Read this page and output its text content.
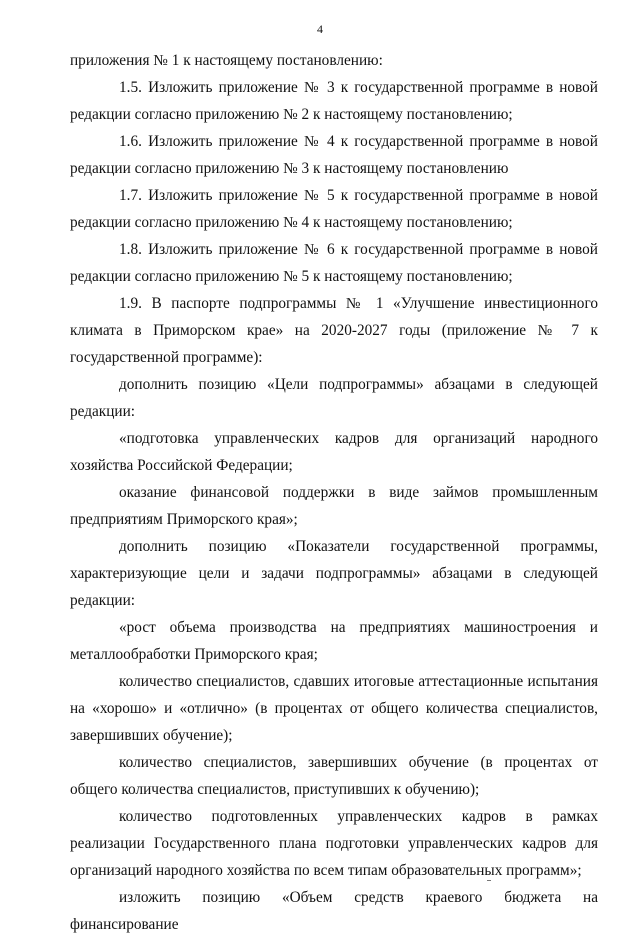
4

приложения № 1 к настоящему постановлению:

1.5. Изложить приложение № 3 к государственной программе в новой редакции согласно приложению № 2 к настоящему постановлению;

1.6. Изложить приложение № 4 к государственной программе в новой редакции согласно приложению № 3 к настоящему постановлению

1.7. Изложить приложение № 5 к государственной программе в новой редакции согласно приложению № 4 к настоящему постановлению;

1.8. Изложить приложение № 6 к государственной программе в новой редакции согласно приложению № 5 к настоящему постановлению;

1.9. В паспорте подпрограммы № 1 «Улучшение инвестиционного климата в Приморском крае» на 2020-2027 годы (приложение № 7 к государственной программе):

дополнить позицию «Цели подпрограммы» абзацами в следующей редакции:

«подготовка управленческих кадров для организаций народного хозяйства Российской Федерации;

оказание финансовой поддержки в виде займов промышленным предприятиям Приморского края»;

дополнить позицию «Показатели государственной программы, характеризующие цели и задачи подпрограммы» абзацами в следующей редакции:

«рост объема производства на предприятиях машиностроения и металлообработки Приморского края;

количество специалистов, сдавших итоговые аттестационные испытания на «хорошо» и «отлично» (в процентах от общего количества специалистов, завершивших обучение);

количество специалистов, завершивших обучение (в процентах от общего количества специалистов, приступивших к обучению);

количество подготовленных управленческих кадров в рамках реализации Государственного плана подготовки управленческих кадров для организаций народного хозяйства по всем типам образовательных программ»;

изложить позицию «Объем средств краевого бюджета на финансирование
